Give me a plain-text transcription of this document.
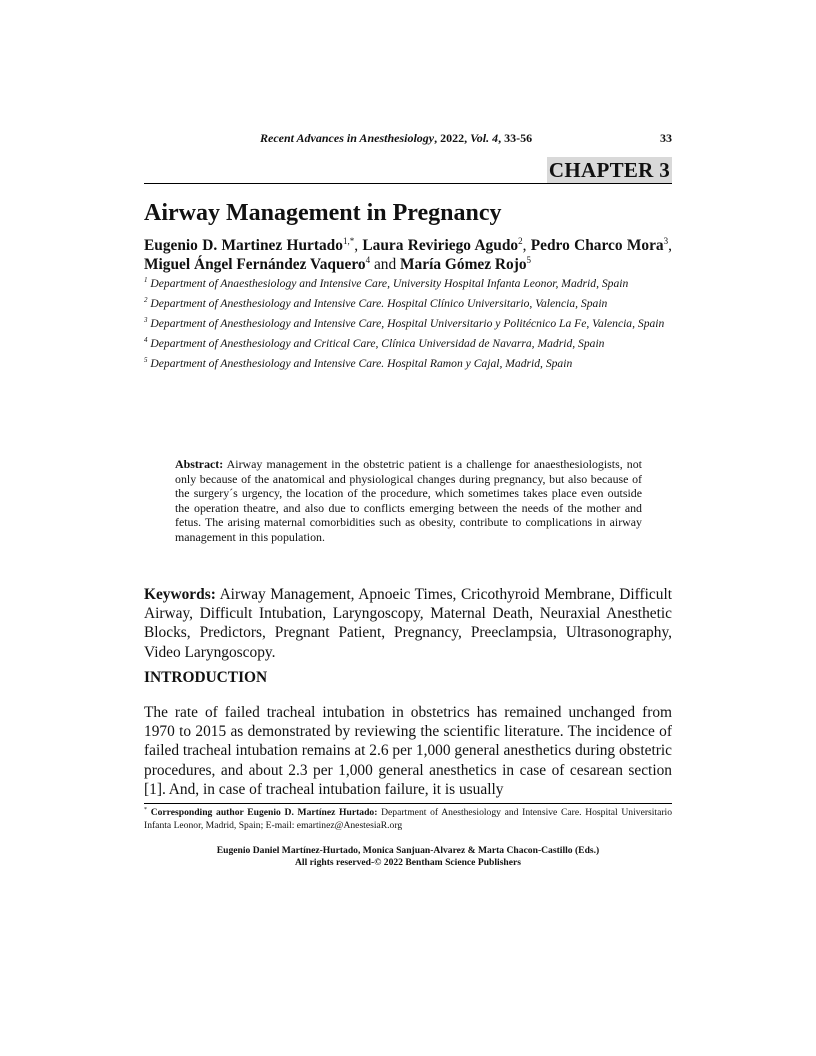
Recent Advances in Anesthesiology, 2022, Vol. 4, 33-56	33
CHAPTER 3
Airway Management in Pregnancy
Eugenio D. Martinez Hurtado$^{1,*}$, Laura Reviriego Agudo$^2$, Pedro Charco Mora$^3$, Miguel Ángel Fernández Vaquero$^4$ and María Gómez Rojo$^5$

$^1$ Department of Anaesthesiology and Intensive Care, University Hospital Infanta Leonor, Madrid, Spain

$^2$ Department of Anesthesiology and Intensive Care. Hospital Clínico Universitario, Valencia, Spain

$^3$ Department of Anesthesiology and Intensive Care, Hospital Universitario y Politécnico La Fe, Valencia, Spain

$^4$ Department of Anesthesiology and Critical Care, Clínica Universidad de Navarra, Madrid, Spain

$^5$ Department of Anesthesiology and Intensive Care. Hospital Ramon y Cajal, Madrid, Spain

Abstract: Airway management in the obstetric patient is a challenge for anaesthesiologists, not only because of the anatomical and physiological changes during pregnancy, but also because of the surgery´s urgency, the location of the procedure, which sometimes takes place even outside the operation theatre, and also due to conflicts emerging between the needs of the mother and fetus. The arising maternal comorbidities such as obesity, contribute to complications in airway management in this population.

Keywords: Airway Management, Apnoeic Times, Cricothyroid Membrane, Difficult Airway, Difficult Intubation, Laryngoscopy, Maternal Death, Neuraxial Anesthetic Blocks, Predictors, Pregnant Patient, Pregnancy, Preeclampsia, Ultrasonography, Video Laryngoscopy.

INTRODUCTION

The rate of failed tracheal intubation in obstetrics has remained unchanged from 1970 to 2015 as demonstrated by reviewing the scientific literature. The incidence of failed tracheal intubation remains at 2.6 per 1,000 general anesthetics during obstetric procedures, and about 2.3 per 1,000 general anesthetics in case of cesarean section [1]. And, in case of tracheal intubation failure, it is usually

* Corresponding author Eugenio D. Martínez Hurtado: Department of Anesthesiology and Intensive Care. Hospital Universitario Infanta Leonor, Madrid, Spain; E-mail: emartinez@AnestesiaR.org

Eugenio Daniel Martínez-Hurtado, Monica Sanjuan-Alvarez & Marta Chacon-Castillo (Eds.)
All rights reserved-© 2022 Bentham Science Publishers
